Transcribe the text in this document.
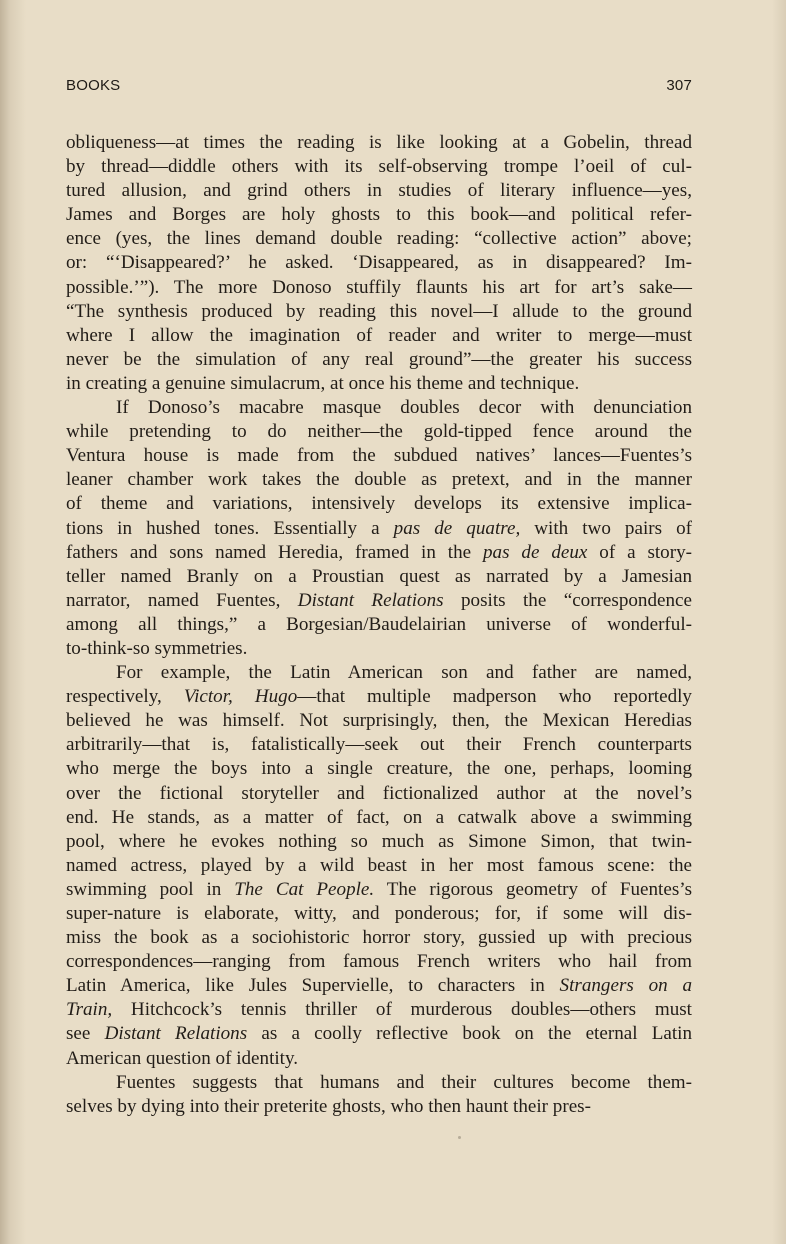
BOOKS	307
obliqueness—at times the reading is like looking at a Gobelin, thread
by thread—diddle others with its self-observing trompe l’oeil of cul-
tured allusion, and grind others in studies of literary influence—yes,
James and Borges are holy ghosts to this book—and political refer-
ence (yes, the lines demand double reading: “collective action” above;
or: “‘Disappeared?’ he asked. ‘Disappeared, as in disappeared? Im-
possible.’”). The more Donoso stuffily flaunts his art for art’s sake—
“The synthesis produced by reading this novel—I allude to the ground
where I allow the imagination of reader and writer to merge—must
never be the simulation of any real ground”—the greater his success
in creating a genuine simulacrum, at once his theme and technique.
If Donoso’s macabre masque doubles decor with denunciation
while pretending to do neither—the gold-tipped fence around the
Ventura house is made from the subdued natives’ lances—Fuentes’s
leaner chamber work takes the double as pretext, and in the manner
of theme and variations, intensively develops its extensive implica-
tions in hushed tones. Essentially a pas de quatre, with two pairs of
fathers and sons named Heredia, framed in the pas de deux of a story-
teller named Branly on a Proustian quest as narrated by a Jamesian
narrator, named Fuentes, Distant Relations posits the “correspondence
among all things,” a Borgesian/Baudelairian universe of wonderful-
to-think-so symmetries.
For example, the Latin American son and father are named,
respectively, Victor, Hugo—that multiple madperson who reportedly
believed he was himself. Not surprisingly, then, the Mexican Heredias
arbitrarily—that is, fatalistically—seek out their French counterparts
who merge the boys into a single creature, the one, perhaps, looming
over the fictional storyteller and fictionalized author at the novel’s
end. He stands, as a matter of fact, on a catwalk above a swimming
pool, where he evokes nothing so much as Simone Simon, that twin-
named actress, played by a wild beast in her most famous scene: the
swimming pool in The Cat People. The rigorous geometry of Fuentes’s
super-nature is elaborate, witty, and ponderous; for, if some will dis-
miss the book as a sociohistoric horror story, gussied up with precious
correspondences—ranging from famous French writers who hail from
Latin America, like Jules Supervielle, to characters in Strangers on a
Train, Hitchcock’s tennis thriller of murderous doubles—others must
see Distant Relations as a coolly reflective book on the eternal Latin
American question of identity.
Fuentes suggests that humans and their cultures become them-
selves by dying into their preterite ghosts, who then haunt their pres-
